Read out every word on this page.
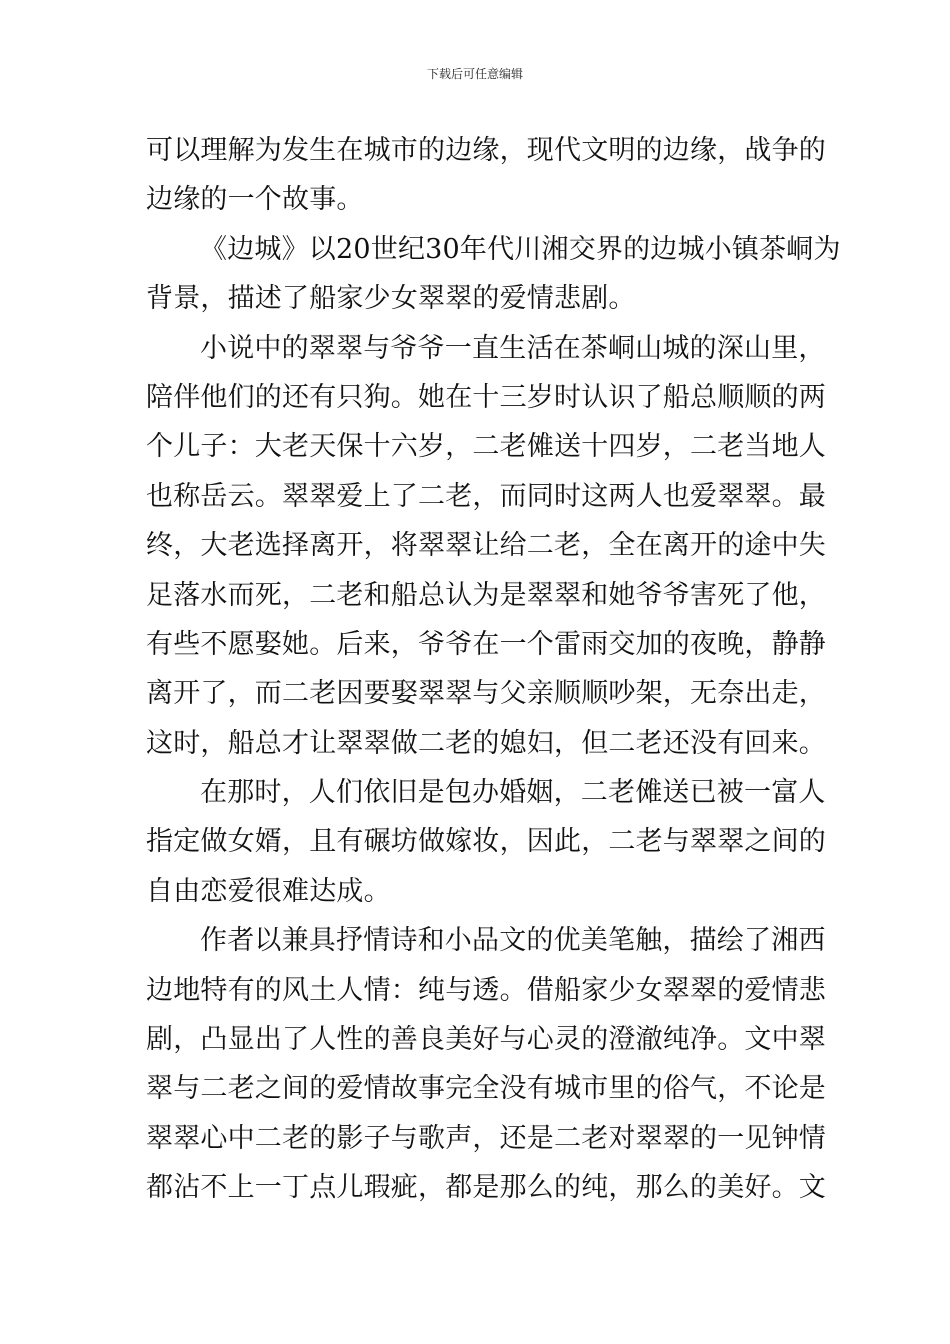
下载后可任意编辑
可以理解为发生在城市的边缘，现代文明的边缘，战争的
边缘的一个故事。
《边城》以20世纪30年代川湘交界的边城小镇茶峒为
背景，描述了船家少女翠翠的爱情悲剧。
小说中的翠翠与爷爷一直生活在茶峒山城的深山里，
陪伴他们的还有只狗。她在十三岁时认识了船总顺顺的两
个儿子：大老天保十六岁，二老傩送十四岁，二老当地人
也称岳云。翠翠爱上了二老，而同时这两人也爱翠翠。最
终，大老选择离开，将翠翠让给二老，全在离开的途中失
足落水而死，二老和船总认为是翠翠和她爷爷害死了他，
有些不愿娶她。后来，爷爷在一个雷雨交加的夜晚，静静
离开了，而二老因要娶翠翠与父亲顺顺吵架，无奈出走，
这时，船总才让翠翠做二老的媳妇，但二老还没有回来。
在那时，人们依旧是包办婚姻，二老傩送已被一富人
指定做女婿，且有碾坊做嫁妆，因此，二老与翠翠之间的
自由恋爱很难达成。
作者以兼具抒情诗和小品文的优美笔触，描绘了湘西
边地特有的风土人情：纯与透。借船家少女翠翠的爱情悲
剧，凸显出了人性的善良美好与心灵的澄澈纯净。文中翠
翠与二老之间的爱情故事完全没有城市里的俗气，不论是
翠翠心中二老的影子与歌声，还是二老对翠翠的一见钟情
都沾不上一丁点儿瑕疵，都是那么的纯，那么的美好。文
